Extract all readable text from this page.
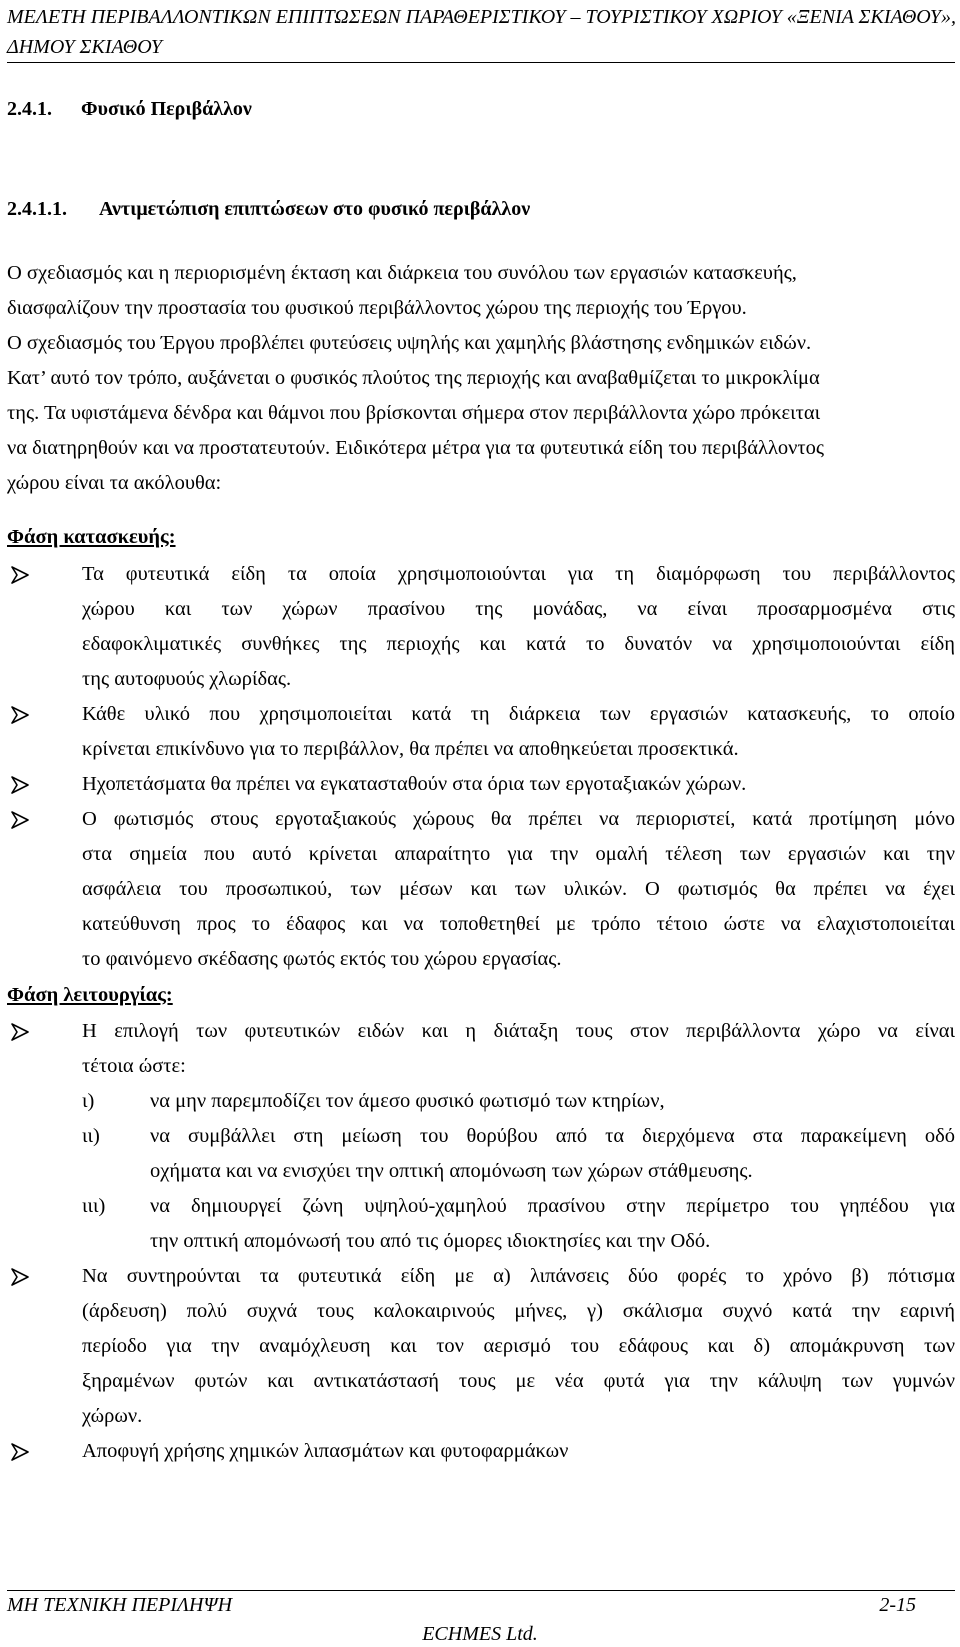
ΜΕΛΕΤΗ ΠΕΡΙΒΑΛΛΟΝΤΙΚΩΝ ΕΠΙΠΤΩΣΕΩΝ ΠΑΡΑΘΕΡΙΣΤΙΚΟΥ – ΤΟΥΡΙΣΤΙΚΟΥ ΧΩΡΙΟΥ «ΞΕΝΙΑ ΣΚΙΑΘΟΥ»,
ΔΗΜΟΥ ΣΚΙΑΘΟΥ
2.4.1. Φυσικό Περιβάλλον
2.4.1.1. Αντιμετώπιση επιπτώσεων στο φυσικό περιβάλλον
Ο σχεδιασμός και η περιορισμένη έκταση και διάρκεια του συνόλου των εργασιών κατασκευής,
διασφαλίζουν την προστασία του φυσικού περιβάλλοντος χώρου της περιοχής του Έργου.
Ο σχεδιασμός του Έργου προβλέπει φυτεύσεις υψηλής και χαμηλής βλάστησης ενδημικών ειδών.
Κατ’ αυτό τον τρόπο, αυξάνεται ο φυσικός πλούτος της περιοχής και αναβαθμίζεται το μικροκλίμα
της. Τα υφιστάμενα δένδρα και θάμνοι που βρίσκονται σήμερα στον περιβάλλοντα χώρο πρόκειται
να διατηρηθούν και να προστατευτούν. Ειδικότερα μέτρα για τα φυτευτικά είδη του περιβάλλοντος
χώρου είναι τα ακόλουθα:
Φάση κατασκευής:
Τα φυτευτικά είδη τα οποία χρησιμοποιούνται για τη διαμόρφωση του περιβάλλοντος
χώρου και των χώρων πρασίνου της μονάδας, να είναι προσαρμοσμένα στις
εδαφοκλιματικές συνθήκες της περιοχής και κατά το δυνατόν να χρησιμοποιούνται είδη
της αυτοφυούς χλωρίδας.
Κάθε υλικό που χρησιμοποιείται κατά τη διάρκεια των εργασιών κατασκευής, το οποίο
κρίνεται επικίνδυνο για το περιβάλλον, θα πρέπει να αποθηκεύεται προσεκτικά.
Ηχοπετάσματα θα πρέπει να εγκατασταθούν στα όρια των εργοταξιακών χώρων.
Ο φωτισμός στους εργοταξιακούς χώρους θα πρέπει να περιοριστεί, κατά προτίμηση μόνο
στα σημεία που αυτό κρίνεται απαραίτητο για την ομαλή τέλεση των εργασιών και την
ασφάλεια του προσωπικού, των μέσων και των υλικών. Ο φωτισμός θα πρέπει να έχει
κατεύθυνση προς το έδαφος και να τοποθετηθεί με τρόπο τέτοιο ώστε να ελαχιστοποιείται
το φαινόμενο σκέδασης φωτός εκτός του χώρου εργασίας.
Φάση λειτουργίας:
Η επιλογή των φυτευτικών ειδών και η διάταξη τους στον περιβάλλοντα χώρο να είναι
τέτοια ώστε:
ι)	να μην παρεμποδίζει τον άμεσο φυσικό φωτισμό των κτηρίων,
ιι) να συμβάλλει στη μείωση του θορύβου από τα διερχόμενα στα παρακείμενη οδό
οχήματα και να ενισχύει την οπτική απομόνωση των χώρων στάθμευσης.
ιιι) να δημιουργεί ζώνη υψηλού-χαμηλού πρασίνου στην περίμετρο του γηπέδου για
την οπτική απομόνωσή του από τις όμορες ιδιοκτησίες και την Οδό.
Να συντηρούνται τα φυτευτικά είδη με α) λιπάνσεις δύο φορές το χρόνο β) πότισμα
(άρδευση) πολύ συχνά τους καλοκαιρινούς μήνες, γ) σκάλισμα συχνό κατά την εαρινή
περίοδο για την αναμόχλευση και τον αερισμό του εδάφους και δ) απομάκρυνση των
ξηραμένων φυτών και αντικατάστασή τους με νέα φυτά για την κάλυψη των γυμνών
χώρων.
Αποφυγή χρήσης χημικών λιπασμάτων και φυτοφαρμάκων
ΜΗ ΤΕΧΝΙΚΗ ΠΕΡΙΛΗΨΗ	2-15
ECHMES Ltd.
